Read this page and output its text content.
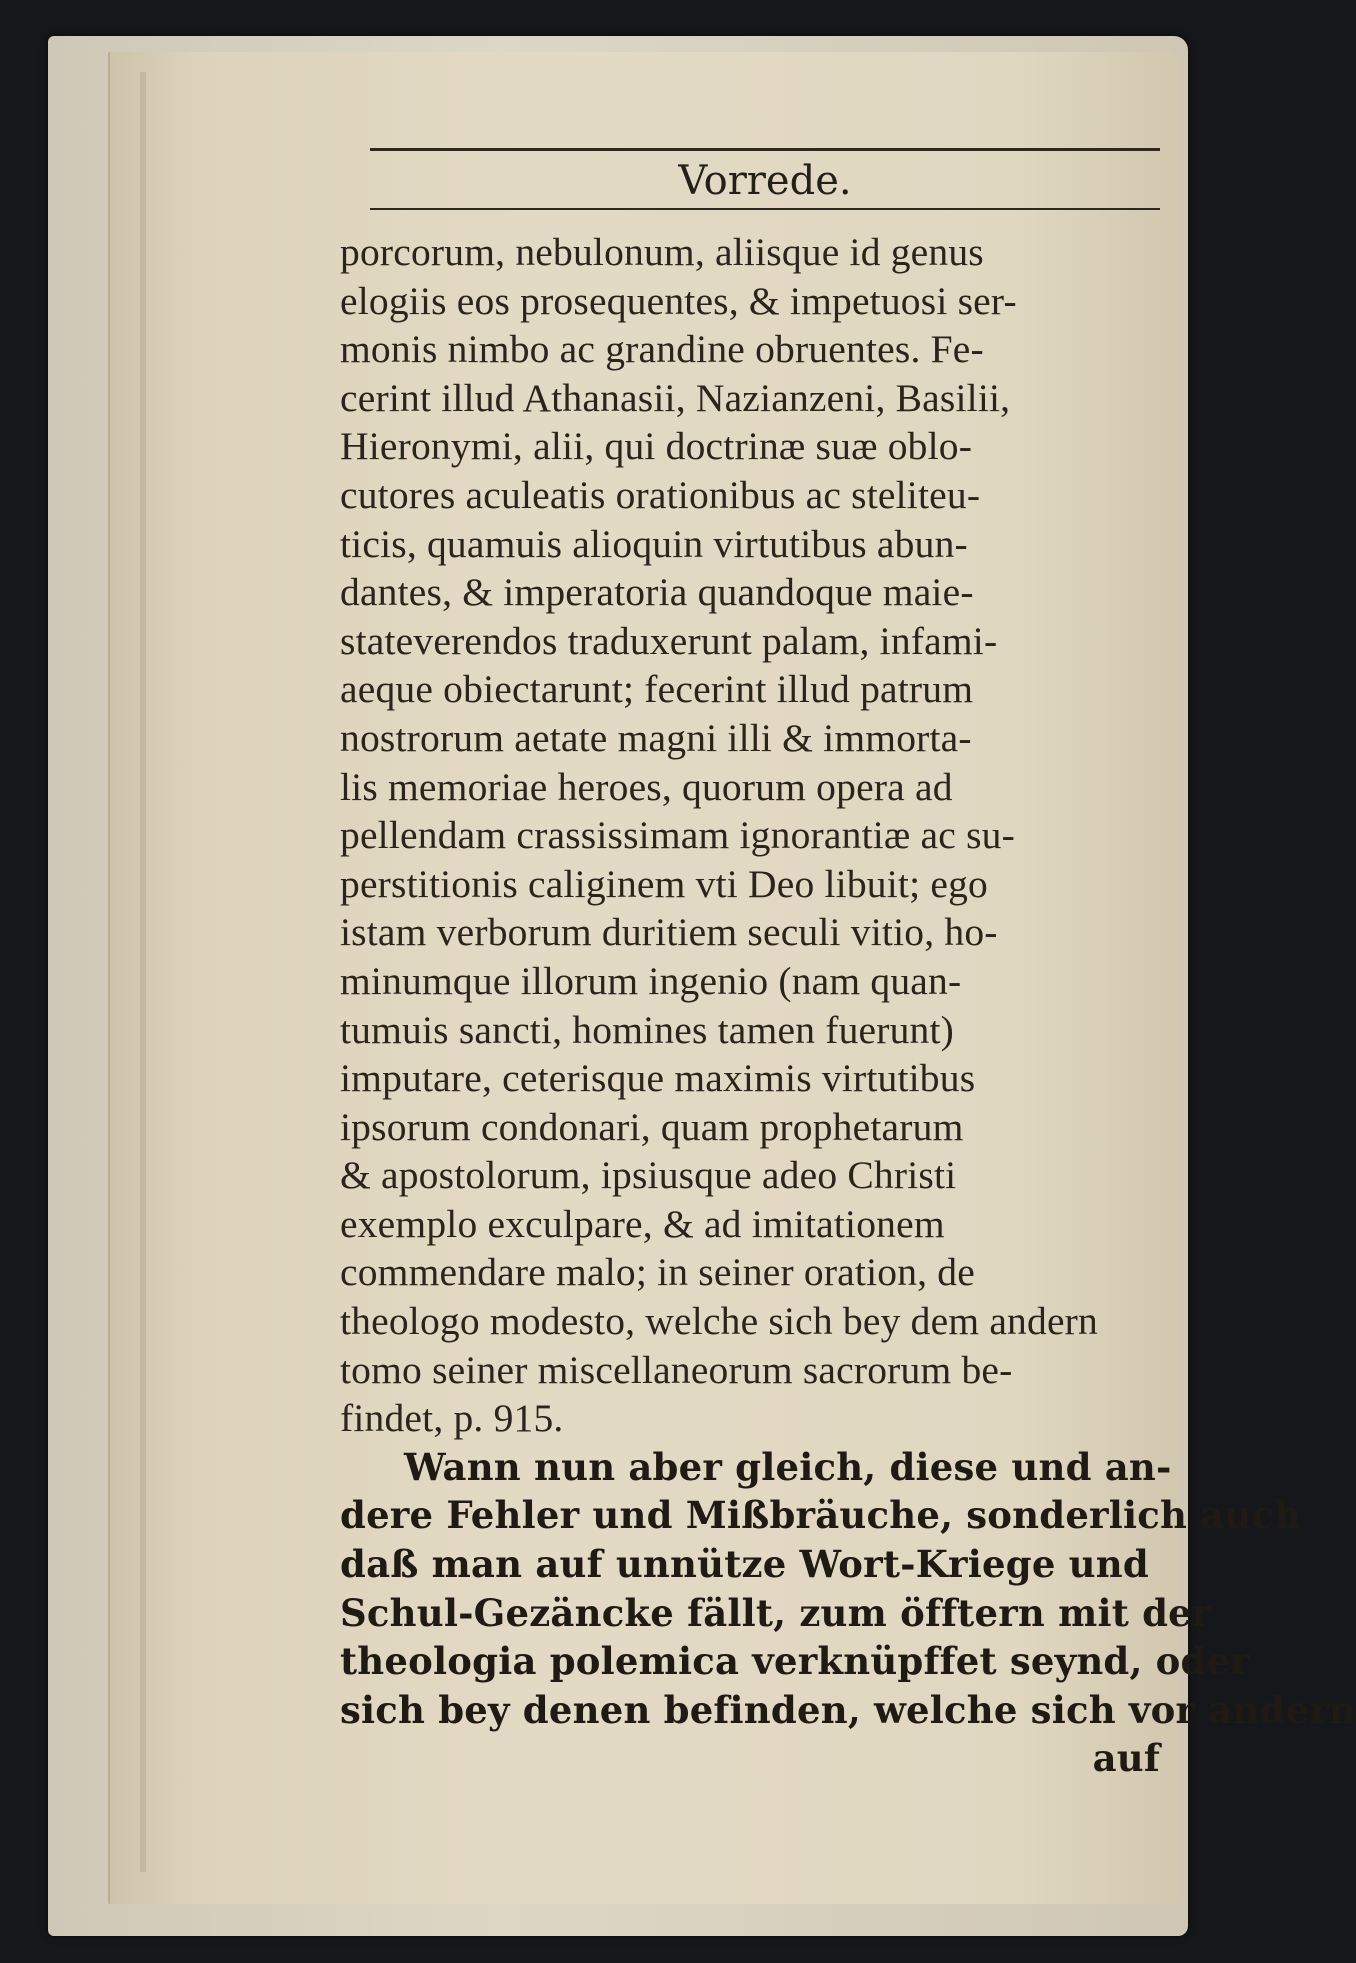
Vorrede.
porcorum, nebulonum, aliisque id genus
elogiis eos prosequentes, & impetuosi ser-
monis nimbo ac grandine obruentes. Fe-
cerint illud Athanasii, Nazianzeni, Basilii,
Hieronymi, alii, qui doctrinæ suæ oblo-
cutores aculeatis orationibus ac steliteu-
ticis, quamuis alioquin virtutibus abun-
dantes, & imperatoria quandoque maie-
stateverendos traduxerunt palam, infami-
aeque obiectarunt; fecerint illud patrum
nostrorum aetate magni illi & immorta-
lis memoriae heroes, quorum opera ad
pellendam crassissimam ignorantiæ ac su-
perstitionis caliginem vti Deo libuit; ego
istam verborum duritiem seculi vitio, ho-
minumque illorum ingenio (nam quan-
tumuis sancti, homines tamen fuerunt)
imputare, ceterisque maximis virtutibus
ipsorum condonari, quam prophetarum
& apostolorum, ipsiusque adeo Christi
exemplo exculpare, & ad imitationem
commendare malo; in seiner oration, de
theologo modesto, welche sich bey dem andern
tomo seiner miscellaneorum sacrorum be-
findet, p. 915.
Wann nun aber gleich, diese und an-
dere Fehler und Mißbräuche, sonderlich auch
daß man auf unnütze Wort-Kriege und
Schul-Gezäncke fällt, zum öfftern mit der
theologia polemica verknüpffet seynd, oder
sich bey denen befinden, welche sich vor andern
auf
